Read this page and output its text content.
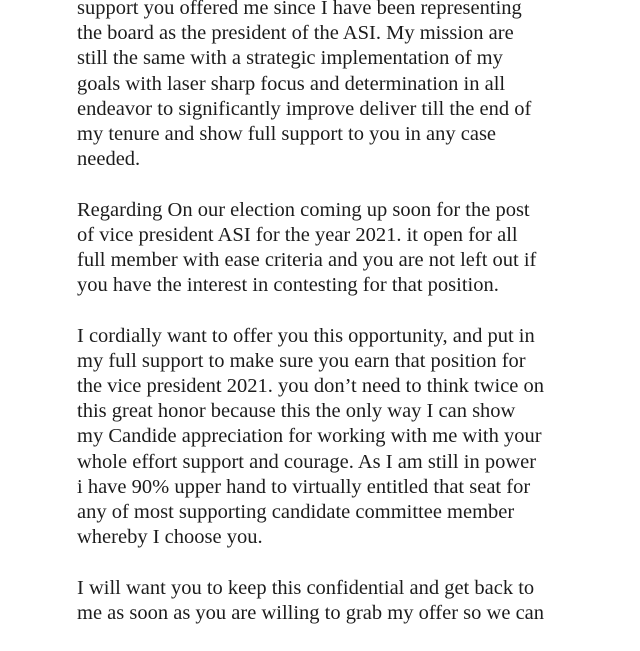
support you offered me since I have been representing
the board as the president of the ASI. My mission are
still the same with a strategic implementation of my
goals with laser sharp focus and determination in all
endeavor to significantly improve deliver till the end of
my tenure and show full support to you in any case
needed.

Regarding On our election coming up soon for the post
of vice president ASI for the year 2021. it open for all
full member with ease criteria and you are not left out if
you have the interest in contesting for that position.

I cordially want to offer you this opportunity, and put in
my full support to make sure you earn that position for
the vice president 2021. you don’t need to think twice on
this great honor because this the only way I can show
my Candide appreciation for working with me with your
whole effort support and courage. As I am still in power
i have 90% upper hand to virtually entitled that seat for
any of most supporting candidate committee member
whereby I choose you.

I will want you to keep this confidential and get back to
me as soon as you are willing to grab my offer so we can
